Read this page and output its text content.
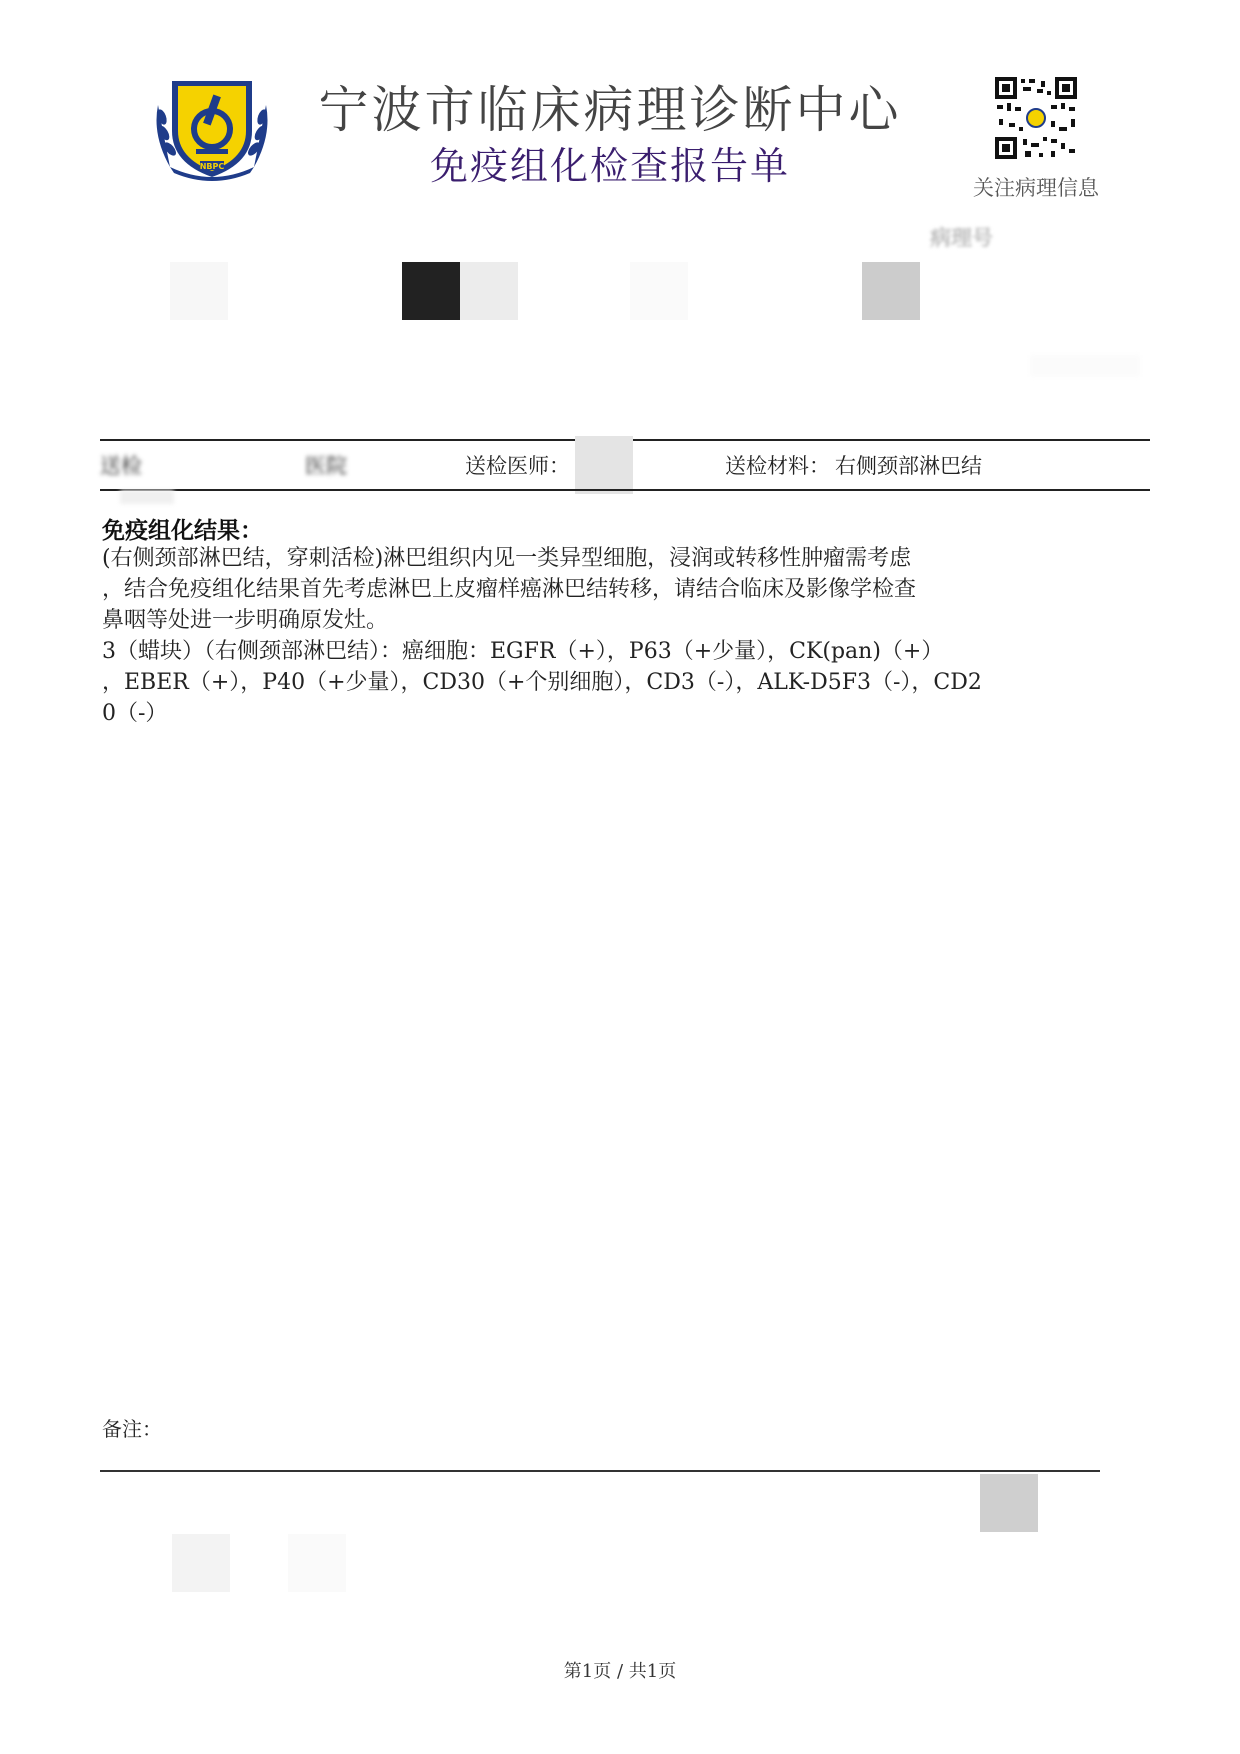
NBPC
宁波市临床病理诊断中心
免疫组化检查报告单	关注病理信息
病理号
送检	医院	送检医师：	送检材料： 右侧颈部淋巴结
免疫组化结果：

(右侧颈部淋巴结，穿刺活检)淋巴组织内见一类异型细胞，浸润或转移性肿瘤需考虑

，结合免疫组化结果首先考虑淋巴上皮瘤样癌淋巴结转移，请结合临床及影像学检查

鼻咽等处进一步明确原发灶。

3（蜡块）（右侧颈部淋巴结）：癌细胞：EGFR（+），P63（+少量），CK(pan)（+）

，EBER（+），P40（+少量），CD30（+个别细胞），CD3（-），ALK-D5F3（-），CD2

0（-）

备注：
第1页 / 共1页
